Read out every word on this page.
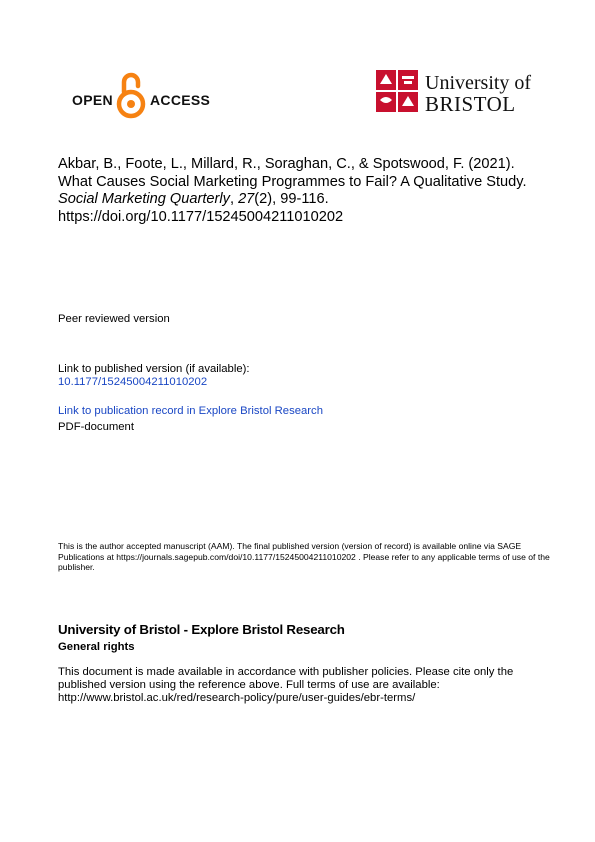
OPEN	ACCESS
University of
BRISTOL
Akbar, B., Foote, L., Millard, R., Soraghan, C., & Spotswood, F. (2021). What Causes Social Marketing Programmes to Fail? A Qualitative Study. Social Marketing Quarterly, 27(2), 99-116.
https://doi.org/10.1177/15245004211010202
Peer reviewed version
Link to published version (if available):
10.1177/15245004211010202
Link to publication record in Explore Bristol Research
PDF-document
This is the author accepted manuscript (AAM). The final published version (version of record) is available online via SAGE Publications at https://journals.sagepub.com/doi/10.1177/15245004211010202 . Please refer to any applicable terms of use of the publisher.
University of Bristol - Explore Bristol Research
General rights
This document is made available in accordance with publisher policies. Please cite only the published version using the reference above. Full terms of use are available: http://www.bristol.ac.uk/red/research-policy/pure/user-guides/ebr-terms/
